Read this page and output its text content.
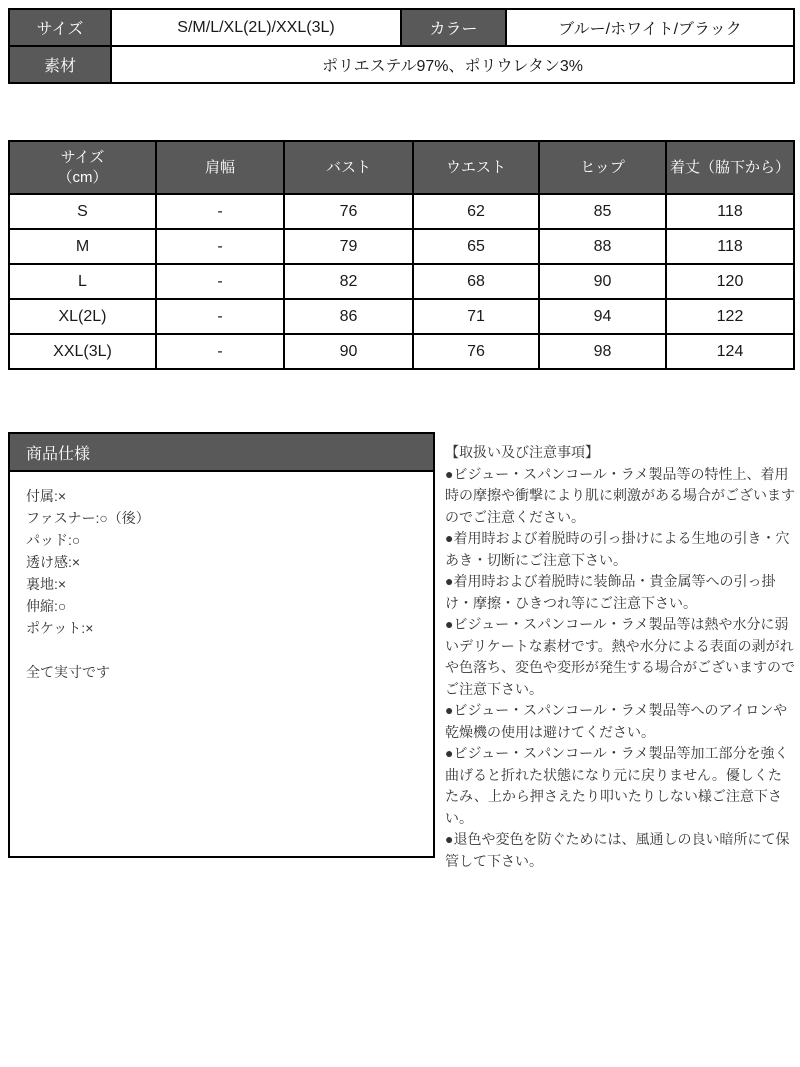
サイズ	S/M/L/XL(2L)/XXL(3L)	カラー	ブルー/ホワイト/ブラック
素材	ポリエステル97%、ポリウレタン3%		
サイズ
（cm）	肩幅	バスト	ウエスト	ヒップ	着丈（脇下から）
S	-	76	62	85	118
M	-	79	65	88	118
L	-	82	68	90	120
XL(2L)	-	86	71	94	122
XXL(3L)	-	90	76	98	124
商品仕様
付属:×
ファスナー:○（後）
パッド:○
透け感:×
裏地:×
伸縮:○
ポケット:×
全て実寸です

【取扱い及び注意事項】

●ビジュー・スパンコール・ラメ製品等の特性上、着用時の摩擦や衝撃により肌に刺激がある場合がございますのでご注意ください。

●着用時および着脱時の引っ掛けによる生地の引き・穴あき・切断にご注意下さい。

●着用時および着脱時に装飾品・貴金属等への引っ掛け・摩擦・ひきつれ等にご注意下さい。

●ビジュー・スパンコール・ラメ製品等は熱や水分に弱いデリケートな素材です。熱や水分による表面の剥がれや色落ち、変色や変形が発生する場合がございますのでご注意下さい。

●ビジュー・スパンコール・ラメ製品等へのアイロンや乾燥機の使用は避けてください。

●ビジュー・スパンコール・ラメ製品等加工部分を強く曲げると折れた状態になり元に戻りません。優しくたたみ、上から押さえたり叩いたりしない様ご注意下さい。

●退色や変色を防ぐためには、風通しの良い暗所にて保管して下さい。
